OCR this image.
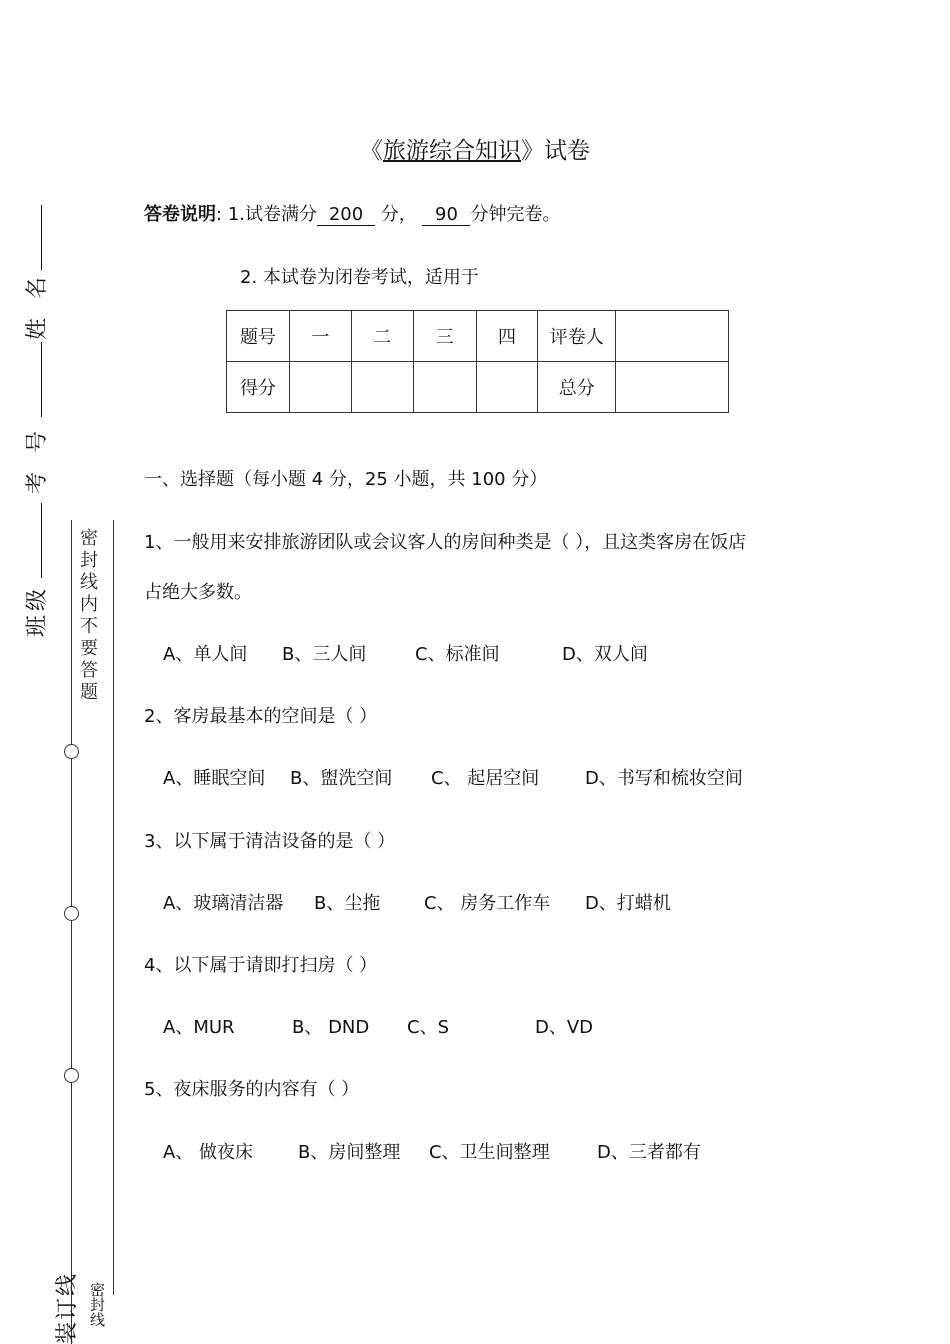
《旅游综合知识》试卷
答卷说明: 1.试卷满分 200 分， 90 分钟完卷。
2. 本试卷为闭卷考试，适用于
题号	一	二	三	四	评卷人	
得分					总分	
一、选择题（每小题 4 分，25 小题，共 100 分）
1、一般用来安排旅游团队或会议客人的房间种类是（ ），且这类客房在饭店
占绝大多数。
A、单人间 B、三人间	C、标准间	D、双人间
2、客房最基本的空间是（ ）
A、睡眠空间 B、盥洗空间 C、 起居空间	D、书写和梳妆空间
3、以下属于清洁设备的是（ ）
A、玻璃清洁器 B、尘拖 C、 房务工作车 D、打蜡机
4、以下属于请即打扫房（ ）
A、MUR	B、 DND C、S	D、VD
5、夜床服务的内容有（ ）
A、 做夜床 B、房间整理 C、卫生间整理	D、三者都有
姓 名
考 号
班级 密封线内不要答题
装订线 密封线
